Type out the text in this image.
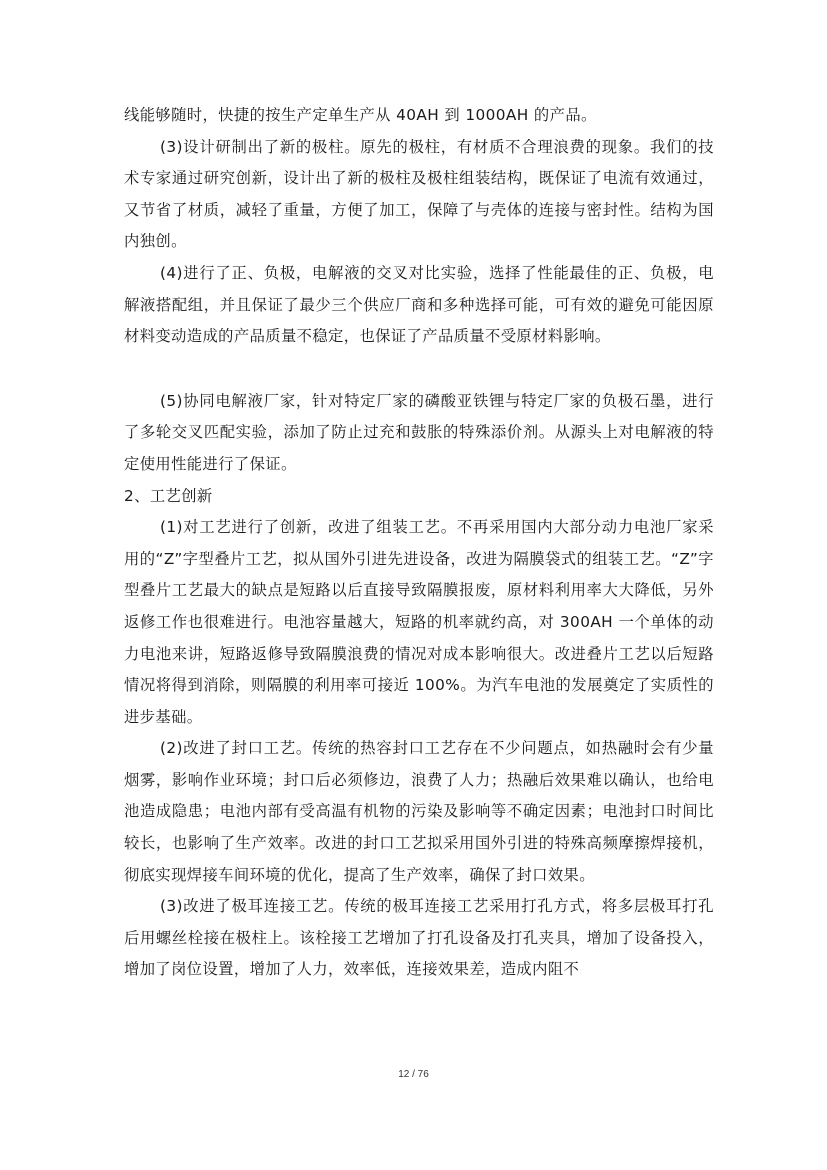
线能够随时，快捷的按生产定单生产从 40AH 到 1000AH 的产品。

(3)设计研制出了新的极柱。原先的极柱，有材质不合理浪费的现象。我们的技术专家通过研究创新，设计出了新的极柱及极柱组装结构，既保证了电流有效通过，又节省了材质，减轻了重量，方便了加工，保障了与壳体的连接与密封性。结构为国内独创。

(4)进行了正、负极，电解液的交叉对比实验，选择了性能最佳的正、负极，电解液搭配组，并且保证了最少三个供应厂商和多种选择可能，可有效的避免可能因原材料变动造成的产品质量不稳定，也保证了产品质量不受原材料影响。

(5)协同电解液厂家，针对特定厂家的磷酸亚铁锂与特定厂家的负极石墨，进行了多轮交叉匹配实验，添加了防止过充和鼓胀的特殊添价剂。从源头上对电解液的特定使用性能进行了保证。

2、工艺创新

(1)对工艺进行了创新，改进了组装工艺。不再采用国内大部分动力电池厂家采用的“Z”字型叠片工艺，拟从国外引进先进设备，改进为隔膜袋式的组装工艺。“Z”字型叠片工艺最大的缺点是短路以后直接导致隔膜报废，原材料利用率大大降低，另外返修工作也很难进行。电池容量越大，短路的机率就约高，对 300AH 一个单体的动力电池来讲，短路返修导致隔膜浪费的情况对成本影响很大。改进叠片工艺以后短路情况将得到消除，则隔膜的利用率可接近 100%。为汽车电池的发展奠定了实质性的进步基础。

(2)改进了封口工艺。传统的热容封口工艺存在不少问题点，如热融时会有少量烟雾，影响作业环境；封口后必须修边，浪费了人力；热融后效果难以确认，也给电池造成隐患；电池内部有受高温有机物的污染及影响等不确定因素；电池封口时间比较长，也影响了生产效率。改进的封口工艺拟采用国外引进的特殊高频摩擦焊接机，彻底实现焊接车间环境的优化，提高了生产效率，确保了封口效果。

(3)改进了极耳连接工艺。传统的极耳连接工艺采用打孔方式，将多层极耳打孔后用螺丝栓接在极柱上。该栓接工艺增加了打孔设备及打孔夹具，增加了设备投入，增加了岗位设置，增加了人力，效率低，连接效果差，造成内阻不

12 / 76
